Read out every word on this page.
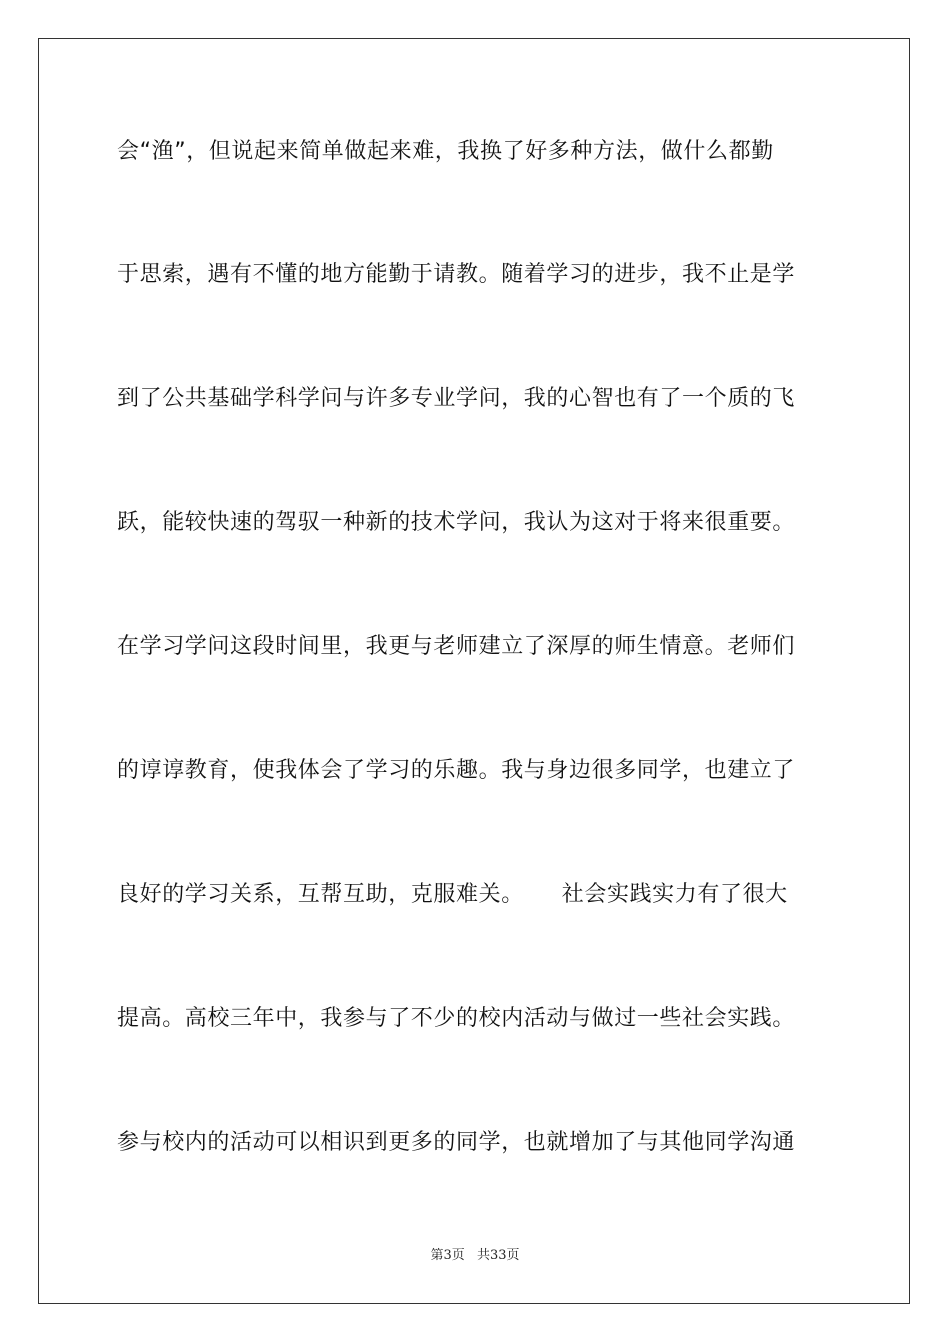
会“渔”，但说起来简单做起来难，我换了好多种方法，做什么都勤
于思索，遇有不懂的地方能勤于请教。随着学习的进步，我不止是学
到了公共基础学科学问与许多专业学问，我的心智也有了一个质的飞
跃，能较快速的驾驭一种新的技术学问，我认为这对于将来很重要。
在学习学问这段时间里，我更与老师建立了深厚的师生情意。老师们
的谆谆教育，使我体会了学习的乐趣。我与身边很多同学，也建立了
良好的学习关系，互帮互助，克服难关。     社会实践实力有了很大
提高。高校三年中，我参与了不少的校内活动与做过一些社会实践。
参与校内的活动可以相识到更多的同学，也就增加了与其他同学沟通
第3页 共33页
